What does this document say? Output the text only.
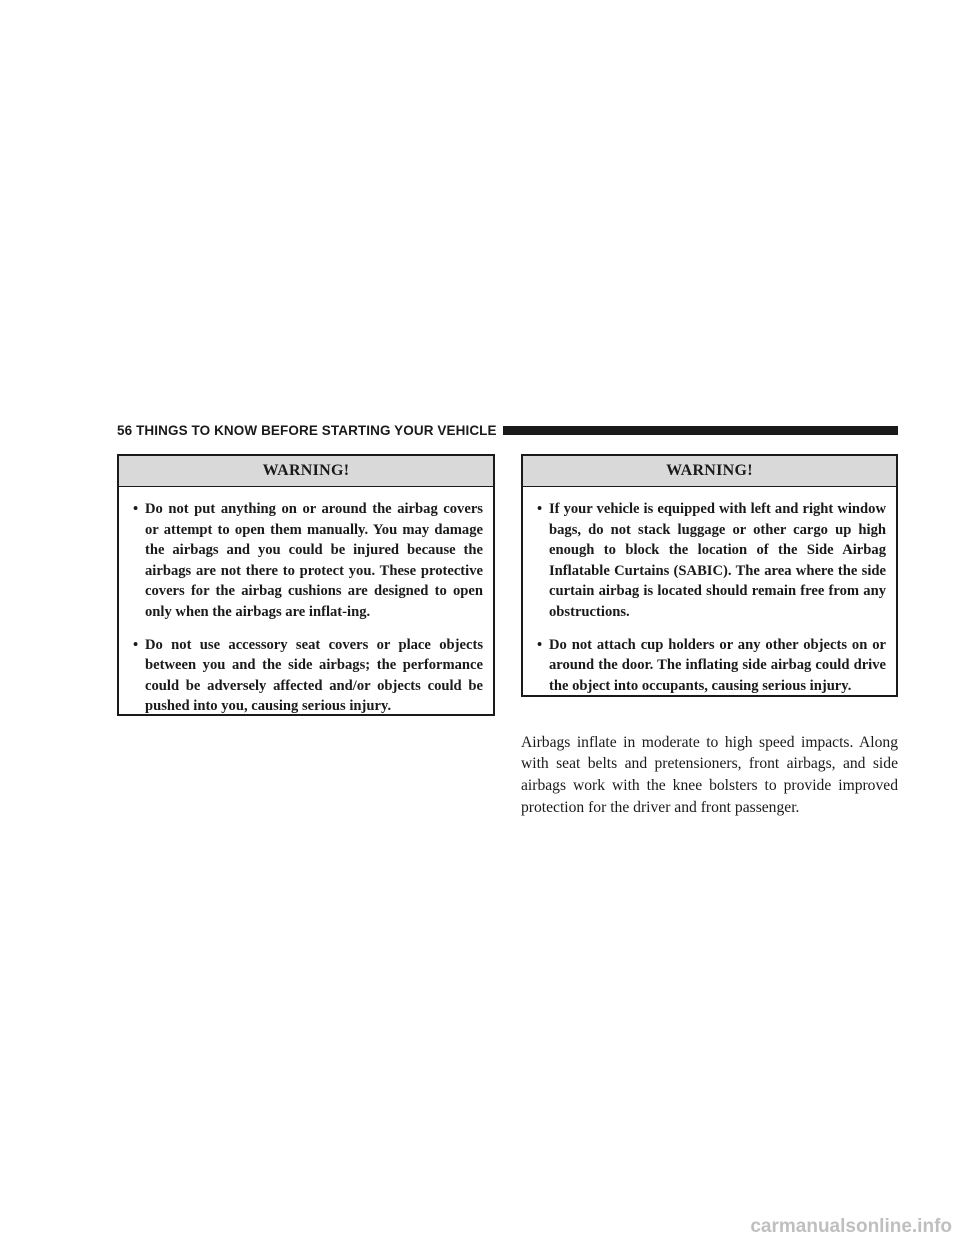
56 THINGS TO KNOW BEFORE STARTING YOUR VEHICLE
WARNING!
• Do not put anything on or around the airbag covers or attempt to open them manually. You may damage the airbags and you could be injured because the airbags are not there to protect you. These protective covers for the airbag cushions are designed to open only when the airbags are inflat-ing.
• Do not use accessory seat covers or place objects between you and the side airbags; the performance could be adversely affected and/or objects could be pushed into you, causing serious injury.
WARNING!
• If your vehicle is equipped with left and right window bags, do not stack luggage or other cargo up high enough to block the location of the Side Airbag Inflatable Curtains (SABIC). The area where the side curtain airbag is located should remain free from any obstructions.
• Do not attach cup holders or any other objects on or around the door. The inflating side airbag could drive the object into occupants, causing serious injury.

Airbags inflate in moderate to high speed impacts. Along with seat belts and pretensioners, front airbags, and side airbags work with the knee bolsters to provide improved protection for the driver and front passenger.

carmanualsonline.info
